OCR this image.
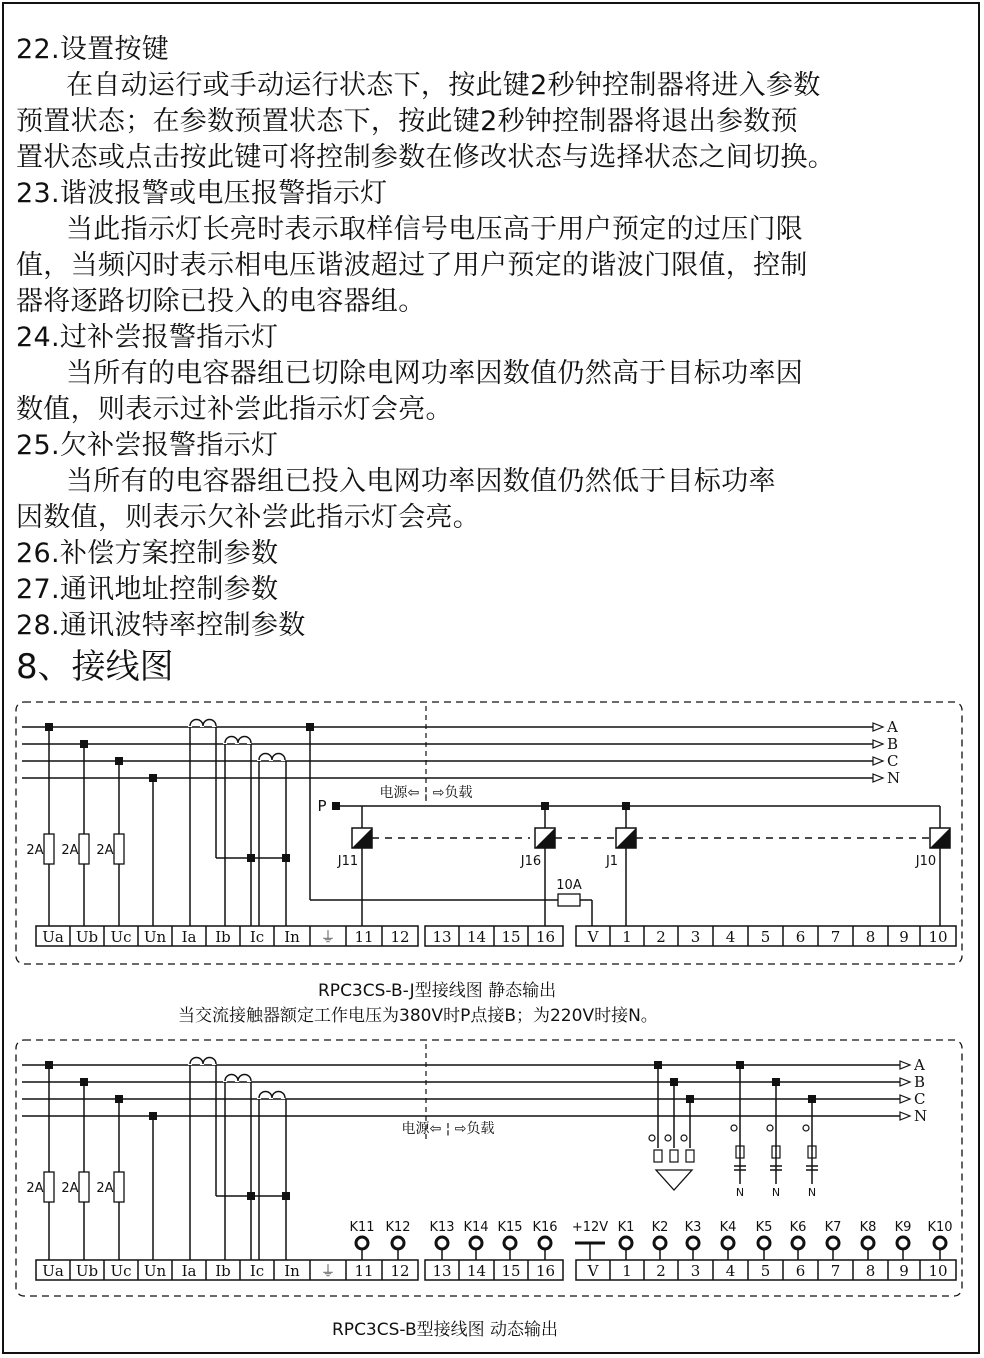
22.设置按键
在自动运行或手动运行状态下，按此键2秒钟控制器将进入参数
预置状态；在参数预置状态下，按此键2秒钟控制器将退出参数预
置状态或点击按此键可将控制参数在修改状态与选择状态之间切换。
23.谐波报警或电压报警指示灯
当此指示灯长亮时表示取样信号电压高于用户预定的过压门限
值，当频闪时表示相电压谐波超过了用户预定的谐波门限值，控制
器将逐路切除已投入的电容器组。
24.过补尝报警指示灯
当所有的电容器组已切除电网功率因数值仍然高于目标功率因
数值，则表示过补尝此指示灯会亮。
25.欠补尝报警指示灯
当所有的电容器组已投入电网功率因数值仍然低于目标功率
因数值，则表示欠补尝此指示灯会亮。
26.补偿方案控制参数
27.通讯地址控制参数
28.通讯波特率控制参数
8、接线图
A
B
C
N
2A 2A 2A
电源⇦ ¦ ⇨负载
P
10A
J11	J16	J1	J10
Ua Ub Uc Un Ia Ib Ic In ⏚ 11 12 13 14 15 16 V 1 2 3 4 5 6 7 8 9 10
A
B
C
N
2A 2A 2A
电源⇦ ¦ ⇨负载
K11 K12 K13 K14 K15 K16 +12V K1 K2 K3 K4 K5 K6 K7 K8 K9 K10
N	N	N
Ua Ub Uc Un Ia Ib Ic In ⏚ 11 12 13 14 15 16 V 1 2 3 4 5 6 7 8 9 10
RPC3CS-B-J型接线图 静态输出
当交流接触器额定工作电压为380V时P点接B；为220V时接N。
RPC3CS-B型接线图 动态输出
